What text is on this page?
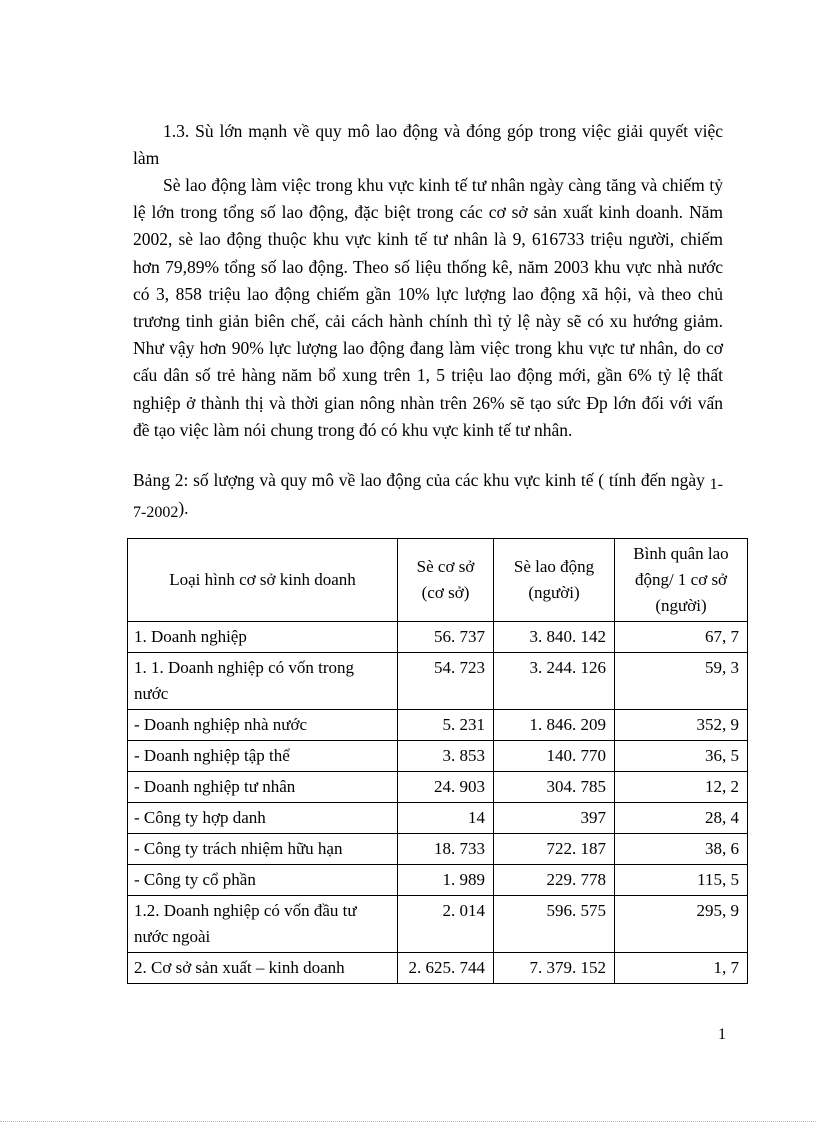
1.3. Sù lớn mạnh về quy mô lao động và đóng góp trong việc giải quyết việc làm
Sè lao động làm việc trong khu vực kinh tế tư nhân ngày càng tăng và chiếm tỷ lệ lớn trong tổng số lao động, đặc biệt trong các cơ sở sản xuất kinh doanh. Năm 2002, sè lao động thuộc khu vực kinh tế tư nhân là 9, 616733 triệu người, chiếm hơn 79,89% tổng số lao động. Theo số liệu thống kê, năm 2003 khu vực nhà nước có 3, 858 triệu lao động chiếm gần 10% lực lượng lao động xã hội, và theo chủ trương tinh giản biên chế, cải cách hành chính thì tỷ lệ này sẽ có xu hướng giảm. Như vậy hơn 90% lực lượng lao động đang làm việc trong khu vực tư nhân, do cơ cấu dân số trẻ hàng năm bổ xung trên 1, 5 triệu lao động mới, gần 6% tỷ lệ thất nghiệp ở thành thị và thời gian nông nhàn trên 26% sẽ tạo sức Ðp lớn đối với vấn đề tạo việc làm nói chung trong đó có khu vực kinh tế tư nhân.
Bảng 2: số lượng và quy mô về lao động của các khu vực kinh tế ( tính đến ngày 1-7-2002).
Loại hình cơ sở kinh doanh	Sè cơ sở (cơ sở)	Sè lao động (người)	Bình quân lao động/ 1 cơ sở (người)
1. Doanh nghiệp	56. 737	3. 840. 142	67, 7
1. 1. Doanh nghiệp có vốn trong nước	54. 723	3. 244. 126	59, 3
- Doanh nghiệp nhà nước	5. 231	1. 846. 209	352, 9
- Doanh nghiệp tập thể	3. 853	140. 770	36, 5
- Doanh nghiệp tư nhân	24. 903	304. 785	12, 2
- Công ty hợp danh	14	397	28, 4
- Công ty trách nhiệm hữu hạn	18. 733	722. 187	38, 6
- Công ty cổ phần	1. 989	229. 778	115, 5
1.2. Doanh nghiệp có vốn đầu tư nước ngoài	2. 014	596. 575	295, 9
2. Cơ sở sản xuất – kinh doanh	2. 625. 744	7. 379. 152	1, 7
1
